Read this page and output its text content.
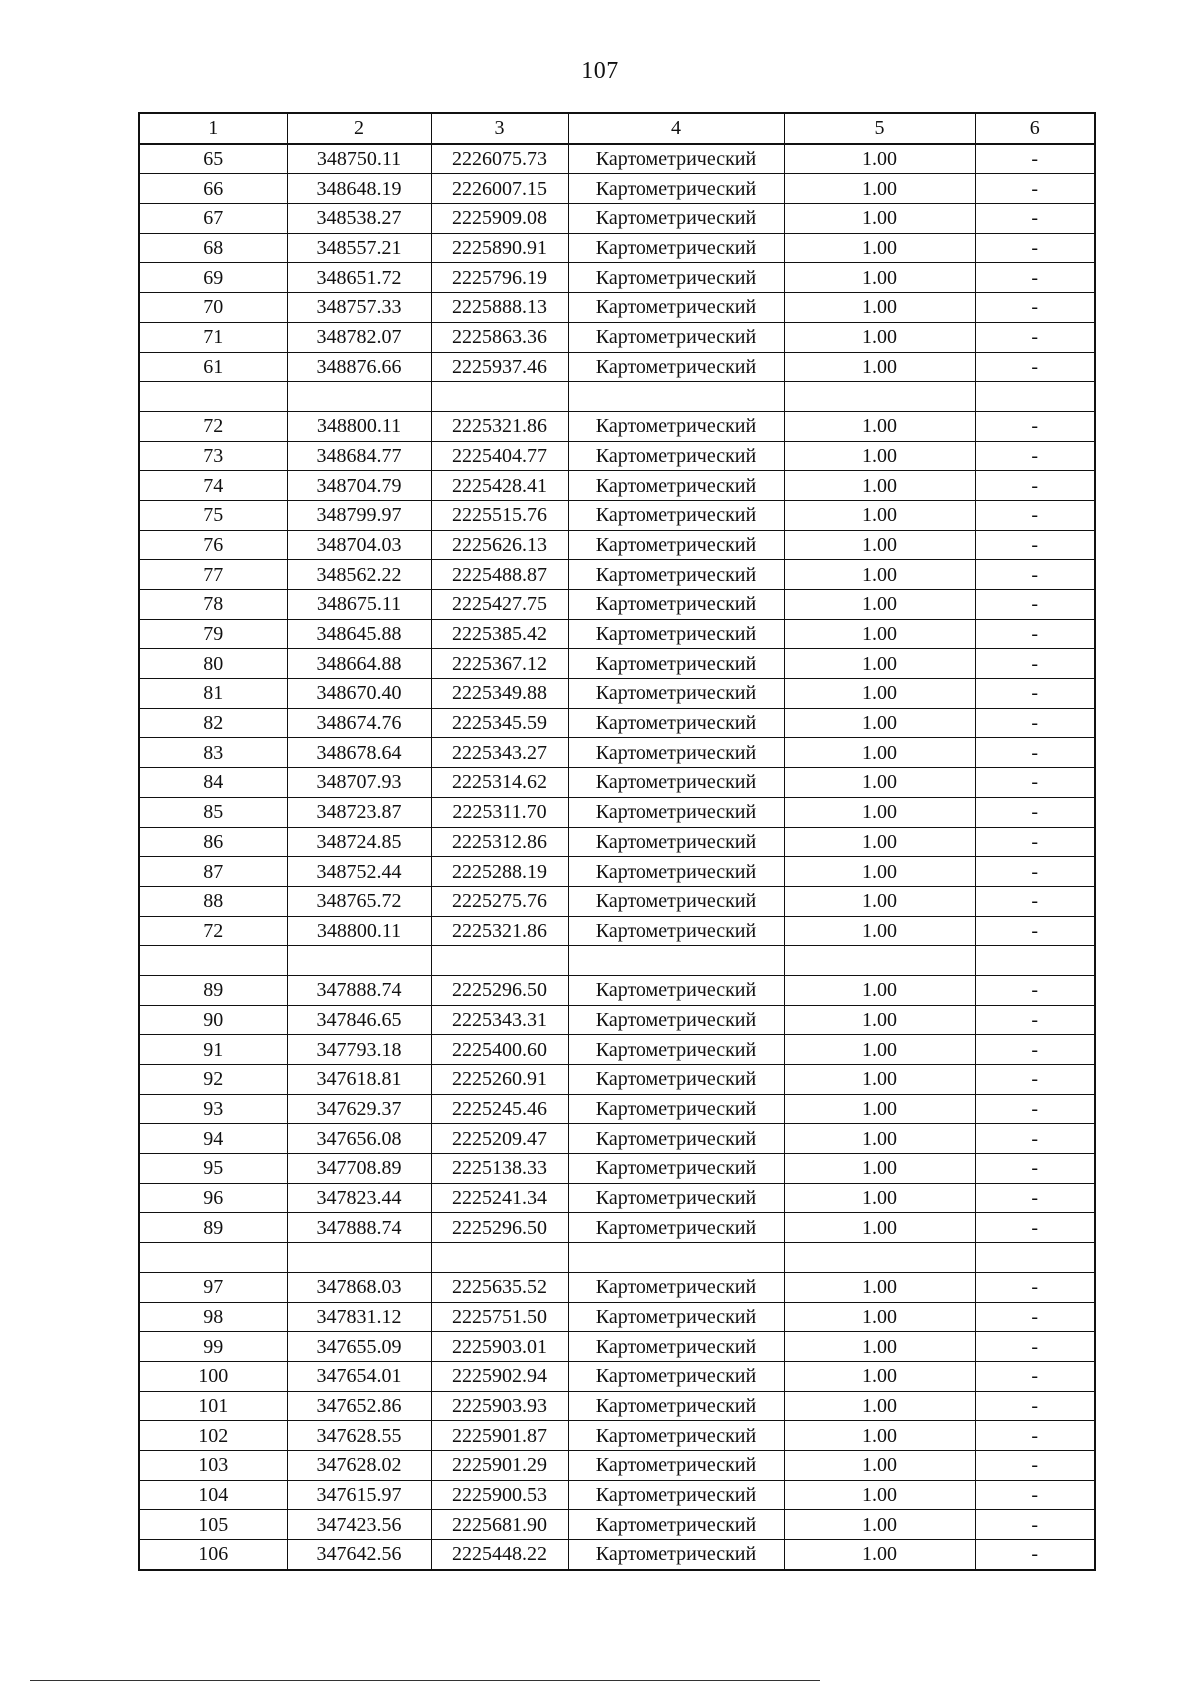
107
1	2	3	4	5	6
65	348750.11	2226075.73	Картометрический	1.00	-
66	348648.19	2226007.15	Картометрический	1.00	-
67	348538.27	2225909.08	Картометрический	1.00	-
68	348557.21	2225890.91	Картометрический	1.00	-
69	348651.72	2225796.19	Картометрический	1.00	-
70	348757.33	2225888.13	Картометрический	1.00	-
71	348782.07	2225863.36	Картометрический	1.00	-
61	348876.66	2225937.46	Картометрический	1.00	-

72	348800.11	2225321.86	Картометрический	1.00	-
73	348684.77	2225404.77	Картометрический	1.00	-
74	348704.79	2225428.41	Картометрический	1.00	-
75	348799.97	2225515.76	Картометрический	1.00	-
76	348704.03	2225626.13	Картометрический	1.00	-
77	348562.22	2225488.87	Картометрический	1.00	-
78	348675.11	2225427.75	Картометрический	1.00	-
79	348645.88	2225385.42	Картометрический	1.00	-
80	348664.88	2225367.12	Картометрический	1.00	-
81	348670.40	2225349.88	Картометрический	1.00	-
82	348674.76	2225345.59	Картометрический	1.00	-
83	348678.64	2225343.27	Картометрический	1.00	-
84	348707.93	2225314.62	Картометрический	1.00	-
85	348723.87	2225311.70	Картометрический	1.00	-
86	348724.85	2225312.86	Картометрический	1.00	-
87	348752.44	2225288.19	Картометрический	1.00	-
88	348765.72	2225275.76	Картометрический	1.00	-
72	348800.11	2225321.86	Картометрический	1.00	-

89	347888.74	2225296.50	Картометрический	1.00	-
90	347846.65	2225343.31	Картометрический	1.00	-
91	347793.18	2225400.60	Картометрический	1.00	-
92	347618.81	2225260.91	Картометрический	1.00	-
93	347629.37	2225245.46	Картометрический	1.00	-
94	347656.08	2225209.47	Картометрический	1.00	-
95	347708.89	2225138.33	Картометрический	1.00	-
96	347823.44	2225241.34	Картометрический	1.00	-
89	347888.74	2225296.50	Картометрический	1.00	-

97	347868.03	2225635.52	Картометрический	1.00	-
98	347831.12	2225751.50	Картометрический	1.00	-
99	347655.09	2225903.01	Картометрический	1.00	-
100	347654.01	2225902.94	Картометрический	1.00	-
101	347652.86	2225903.93	Картометрический	1.00	-
102	347628.55	2225901.87	Картометрический	1.00	-
103	347628.02	2225901.29	Картометрический	1.00	-
104	347615.97	2225900.53	Картометрический	1.00	-
105	347423.56	2225681.90	Картометрический	1.00	-
106	347642.56	2225448.22	Картометрический	1.00	-
